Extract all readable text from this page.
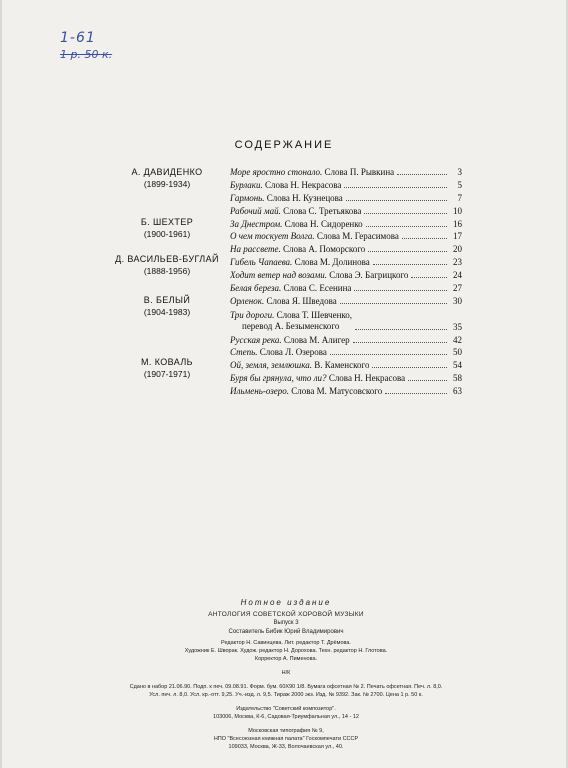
1-61
1 р. 50 к.
СОДЕРЖАНИЕ
А. ДАВИДЕНКО
(1899-1934)
Б. ШЕХТЕР
(1900-1961)
Д. ВАСИЛЬЕВ-БУГЛАЙ
(1888-1956)
В. БЕЛЫЙ
(1904-1983)
М. КОВАЛЬ
(1907-1971)
Море яростно стонало. Слова П. Рывкина	3
Бурлаки. Слова Н. Некрасова	5
Гармонь. Слова Н. Кузнецова	7
Рабочий май. Слова С. Третьякова	10
За Днестром. Слова Н. Сидоренко	16
О чем тоскует Волга. Слова М. Герасимова	17
На рассвете. Слова А. Поморского	20
Гибель Чапаева. Слова М. Долинова	23
Ходит ветер над возами. Слова Э. Багрицкого	24
Белая береза. Слова С. Есенина	27
Орленок. Слова Я. Шведова	30
Три дороги. Слова Т. Шевченко,
перевод А. Безыменского	35
Русская река. Слова М. Алигер	42
Степь. Слова Л. Озерова	50
Ой, земля, землюшка. В. Каменского	54
Буря бы грянула, что ли? Слова Н. Некрасова	58
Ильмень-озеро. Слова М. Матусовского	63
Нотное издание
АНТОЛОГИЯ СОВЕТСКОЙ ХОРОВОЙ МУЗЫКИ
Выпуск 3
Составитель Бибик Юрий Владимирович
Редактор Н. Савинцева. Лит. редактор Т. Дрёмова.
Художник Е. Шворак. Худож. редактор Н. Дорохова. Техн. редактор Н. Глотова.
Корректор А. Пименова.
Н/К
Сдано в набор 21.06.90. Подп. к печ. 09.08.91. Форм. бум. 60Х90 1/8. Бумага офсетная № 2. Печать офсетная. Печ. л. 8,0.
Усл. печ. л. 8,0. Усл. кр.-отт. 9,25. Уч.-изд. л. 9,5. Тираж 2000 экз. Изд. № 9392. Зак. № 2700. Цена 1 р. 50 к.
Издательство "Советский композитор".
103006, Москва, К-6, Садовая-Триумфальная ул., 14 - 12
Московская типография № 9,
НПО "Всесоюзная книжная палата" Госкомпечати СССР
109033, Москва, Ж-33, Волочаевская ул., 40.
